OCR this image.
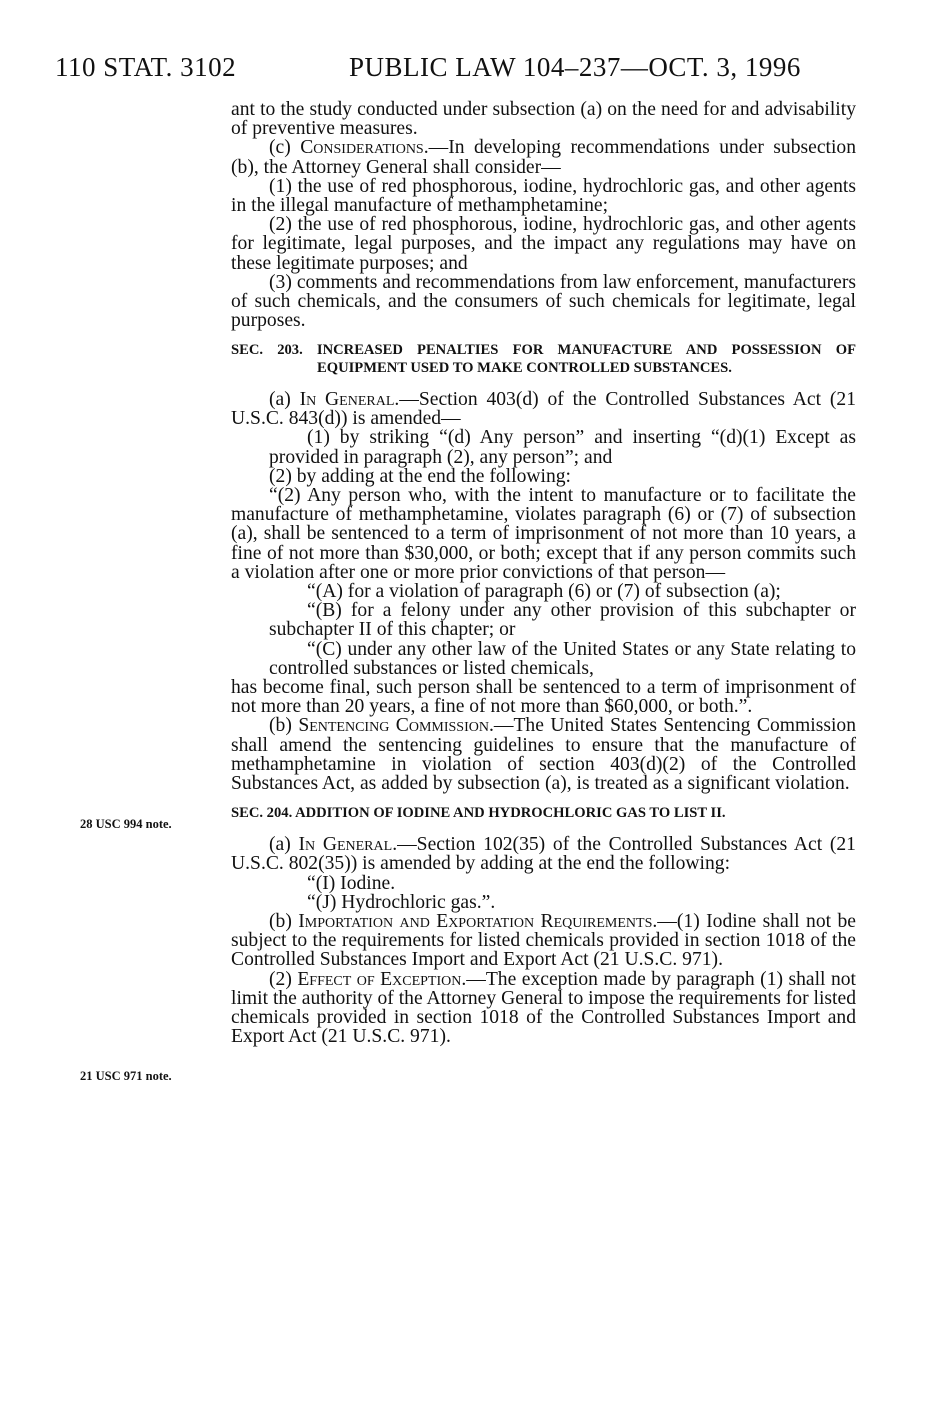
110 STAT. 3102	PUBLIC LAW 104–237—OCT. 3, 1996
28 USC 994 note.
21 USC 971 note.

ant to the study conducted under subsection (a) on the need for and advisability of preventive measures.

(c) Considerations.—In developing recommendations under subsection (b), the Attorney General shall consider—

(1) the use of red phosphorous, iodine, hydrochloric gas, and other agents in the illegal manufacture of methamphetamine;

(2) the use of red phosphorous, iodine, hydrochloric gas, and other agents for legitimate, legal purposes, and the impact any regulations may have on these legitimate purposes; and

(3) comments and recommendations from law enforcement, manufacturers of such chemicals, and the consumers of such chemicals for legitimate, legal purposes.

SEC. 203. INCREASED PENALTIES FOR MANUFACTURE AND POSSESSION OF EQUIPMENT USED TO MAKE CONTROLLED SUBSTANCES.

(a) In General.—Section 403(d) of the Controlled Substances Act (21 U.S.C. 843(d)) is amended—

(1) by striking “(d) Any person” and inserting “(d)(1) Except as provided in paragraph (2), any person”; and

(2) by adding at the end the following:

“(2) Any person who, with the intent to manufacture or to facilitate the manufacture of methamphetamine, violates paragraph (6) or (7) of subsection (a), shall be sentenced to a term of imprisonment of not more than 10 years, a fine of not more than $30,000, or both; except that if any person commits such a violation after one or more prior convictions of that person—

“(A) for a violation of paragraph (6) or (7) of subsection (a);

“(B) for a felony under any other provision of this subchapter or subchapter II of this chapter; or

“(C) under any other law of the United States or any State relating to controlled substances or listed chemicals,

has become final, such person shall be sentenced to a term of imprisonment of not more than 20 years, a fine of not more than $60,000, or both.”.

(b) Sentencing Commission.—The United States Sentencing Commission shall amend the sentencing guidelines to ensure that the manufacture of methamphetamine in violation of section 403(d)(2) of the Controlled Substances Act, as added by subsection (a), is treated as a significant violation.

SEC. 204. ADDITION OF IODINE AND HYDROCHLORIC GAS TO LIST II.

(a) In General.—Section 102(35) of the Controlled Substances Act (21 U.S.C. 802(35)) is amended by adding at the end the following:

“(I) Iodine.

“(J) Hydrochloric gas.”.

(b) Importation and Exportation Requirements.—(1) Iodine shall not be subject to the requirements for listed chemicals provided in section 1018 of the Controlled Substances Import and Export Act (21 U.S.C. 971).

(2) Effect of Exception.—The exception made by paragraph (1) shall not limit the authority of the Attorney General to impose the requirements for listed chemicals provided in section 1018 of the Controlled Substances Import and Export Act (21 U.S.C. 971).
